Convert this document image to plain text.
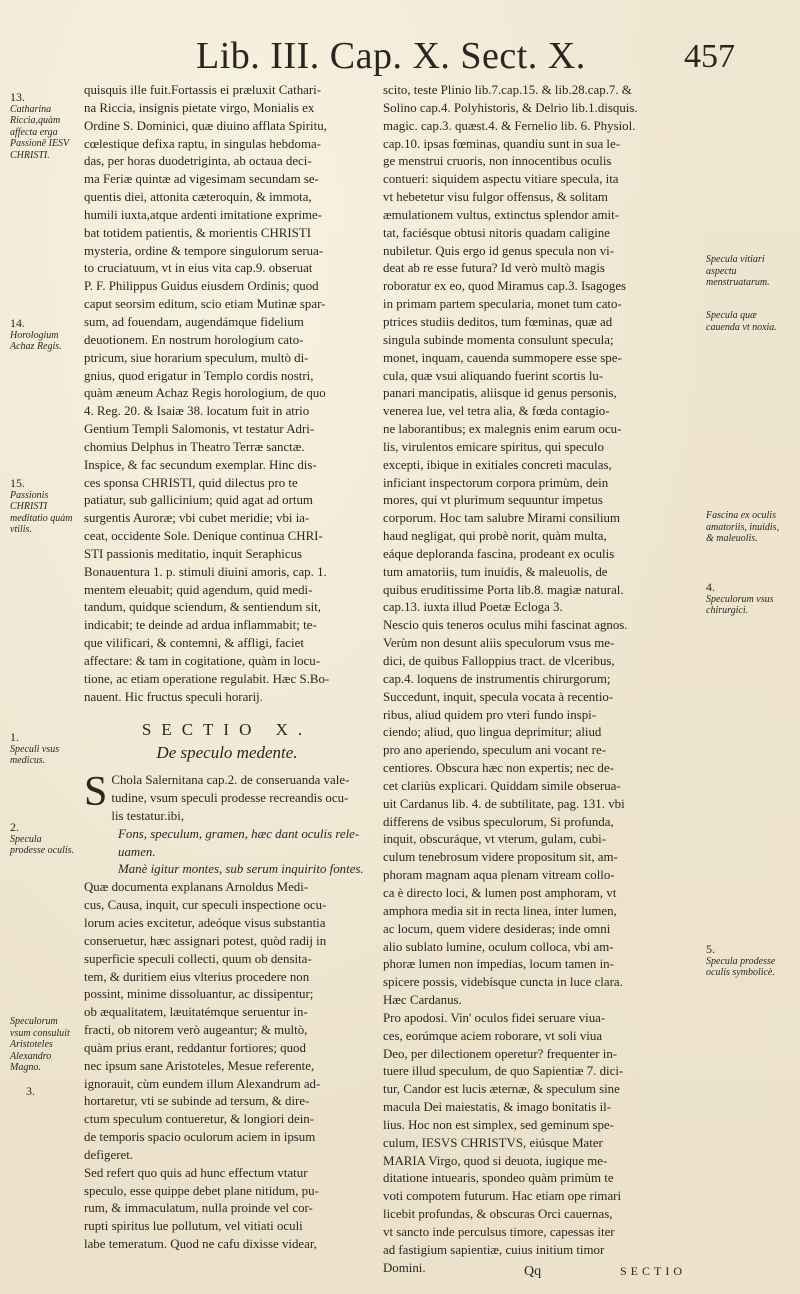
Lib. III. Cap. X. Sect. X.	457
quisquis ille fuit.Fortassis ei præluxit Cathari-
na Riccia, insignis pietate virgo, Monialis ex
Ordine S. Dominici, quæ diuino afflata Spiritu,
cœlestique defixa raptu, in singulas hebdoma-
das, per horas duodetriginta, ab octaua deci-
ma Feriæ quintæ ad vigesimam secundam se-
quentis diei, attonita cæteroquin, & immota,
humili iuxta,atque ardenti imitatione exprime-
bat totidem patientis, & morientis CHRISTI
mysteria, ordine & tempore singulorum serua-
to cruciatuum, vt in eius vita cap.9. obseruat
P. F. Philippus Guidus eiusdem Ordinis; quod
caput seorsim editum, scio etiam Mutinæ spar-
sum, ad fouendam, augendámque fidelium
deuotionem. En nostrum horologium cato-
ptricum, siue horarium speculum, multò di-
gnius, quod erigatur in Templo cordis nostri,
quàm æneum Achaz Regis horologium, de quo
4. Reg. 20. & Isaiæ 38. locatum fuit in atrio
Gentium Templi Salomonis, vt testatur Adri-
chomius Delphus in Theatro Terræ sanctæ.
Inspice, & fac secundum exemplar. Hinc dis-
ces sponsa CHRISTI, quid dilectus pro te
patiatur, sub gallicinium; quid agat ad ortum
surgentis Auroræ; vbi cubet meridie; vbi ia-
ceat, occidente Sole. Denique continua CHRI-
STI passionis meditatio, inquit Seraphicus
Bonauentura 1. p. stimuli diuini amoris, cap. 1.
mentem eleuabit; quid agendum, quid medi-
tandum, quidque sciendum, & sentiendum sit,
indicabit; te deinde ad ardua inflammabit; te-
que vilificari, & contemni, & affligi, faciet
affectare: & tam in cogitatione, quàm in locu-
tione, ac etiam operatione regulabit. Hæc S.Bo-
nauent. Hic fructus speculi horarij.
SECTIO X.
De speculo medente.
S Chola Salernitana cap.2. de conseruanda vale-
tudine, vsum speculi prodesse recreandis ocu-
lis testatur.ibi,
Fons, speculum, gramen, hæc dant oculis rele-
uamen.
Manè igitur montes, sub serum inquirito fontes.
Quæ documenta explanans Arnoldus Medi-
cus, Causa, inquit, cur speculi inspectione ocu-
lorum acies excitetur, adeóque visus substantia
conseruetur, hæc assignari potest, quòd radij in
superficie speculi collecti, quum ob densita-
tem, & duritiem eius vlterius procedere non
possint, minime dissoluantur, ac dissipentur;
ob æqualitatem, læuitatémque seruentur in-
fracti, ob nitorem verò augeantur; & multò,
quàm prius erant, reddantur fortiores; quod
nec ipsum sane Aristoteles, Mesue referente,
ignorauit, cùm eundem illum Alexandrum ad-
hortaretur, vti se subinde ad tersum, & dire-
ctum speculum contueretur, & longiori dein-
de temporis spacio oculorum aciem in ipsum
defigeret.
Sed refert quo quis ad hunc effectum vtatur
speculo, esse quippe debet plane nitidum, pu-
rum, & immaculatum, nulla proinde vel cor-
rupti spiritus lue pollutum, vel vitiati oculi
labe temeratum. Quod ne cafu dixisse videar,
scito, teste Plinio lib.7.cap.15. & lib.28.cap.7. &
Solino cap.4. Polyhistoris, & Delrio lib.1.disquis.
magic. cap.3. quæst.4. & Fernelio lib. 6. Physiol.
cap.10. ipsas fœminas, quandiu sunt in sua le-
ge menstrui cruoris, non innocentibus oculis
contueri: siquidem aspectu vitiare specula, ita
vt hebetetur visu fulgor offensus, & solitam
æmulationem vultus, extinctus splendor amit-
tat, faciésque obtusi nitoris quadam caligine
nubiletur. Quis ergo id genus specula non vi-
deat ab re esse futura? Id verò multò magis
roboratur ex eo, quod Miramus cap.3. Isagoges
in primam partem specularia, monet tum cato-
ptrices studiis deditos, tum fœminas, quæ ad
singula subinde momenta consulunt specula;
monet, inquam, cauenda summopere esse spe-
cula, quæ vsui aliquando fuerint scortis lu-
panari mancipatis, aliisque id genus personis,
venerea lue, vel tetra alia, & fœda contagio-
ne laborantibus; ex malegnis enim earum ocu-
lis, virulentos emicare spiritus, qui speculo
excepti, ibique in exitiales concreti maculas,
inficiant inspectorum corpora primùm, dein
mores, qui vt plurimum sequuntur impetus
corporum. Hoc tam salubre Mirami consilium
haud negligat, qui probè norit, quàm multa,
eáque deploranda fascina, prodeant ex oculis
tum amatoriis, tum inuidis, & maleuolis, de
quibus eruditissime Porta lib.8. magiæ natural.
cap.13. iuxta illud Poetæ Ecloga 3.
Nescio quis teneros oculus mihi fascinat agnos.
Verùm non desunt aliis speculorum vsus me-
dici, de quibus Falloppius tract. de vlceribus,
cap.4. loquens de instrumentis chirurgorum;
Succedunt, inquit, specula vocata à recentio-
ribus, aliud quidem pro vteri fundo inspi-
ciendo; aliud, quo lingua deprimitur; aliud
pro ano aperiendo, speculum ani vocant re-
centiores. Obscura hæc non expertis; nec de-
cet clariùs explicari. Quiddam simile obserua-
uit Cardanus lib. 4. de subtilitate, pag. 131. vbi
differens de vsibus speculorum, Si profunda,
inquit, obscuráque, vt vterum, gulam, cubi-
culum tenebrosum videre propositum sit, am-
phoram magnam aqua plenam vitream collo-
ca è directo loci, & lumen post amphoram, vt
amphora media sit in recta linea, inter lumen,
ac locum, quem videre desideras; inde omni
alio sublato lumine, oculum colloca, vbi am-
phoræ lumen non impedias, locum tamen in-
spicere possis, videbísque cuncta in luce clara.
Hæc Cardanus.
Pro apodosi. Vin' oculos fidei seruare viua-
ces, eorúmque aciem roborare, vt soli viua
Deo, per dilectionem operetur? frequenter in-
tuere illud speculum, de quo Sapientiæ 7. dici-
tur, Candor est lucis æternæ, & speculum sine
macula Dei maiestatis, & imago bonitatis il-
lius. Hoc non est simplex, sed geminum spe-
culum, IESVS CHRISTVS, eiúsque Mater
MARIA Virgo, quod si deuota, iugique me-
ditatione intuearis, spondeo quàm primùm te
voti compotem futurum. Hac etiam ope rimari
licebit profundas, & obscuras Orci cauernas,
vt sancto inde perculsus timore, capessas iter
ad fastigium sapientiæ, cuius initium timor
Domini.
13.
Catharina Riccia,quàm affecta erga Passionē IESV CHRISTI.
14.
Horologium Achaz Regis.
15.
Passionis CHRISTI meditatio quàm vtilis.
1.
Speculi vsus medicus.
2.
Specula prodesse oculis.
Speculorum vsum consuluit Aristoteles Alexandro Magno.
3.
Specula vitiari aspectu menstruatarum.
Specula quæ cauenda vt noxia.
Fascina ex oculis amatoriis, inuidis, & maleuolis.
4.
Speculorum vsus chirurgici.
5.
Specula prodesse oculis symbolicè.
Qq	SECTIO
